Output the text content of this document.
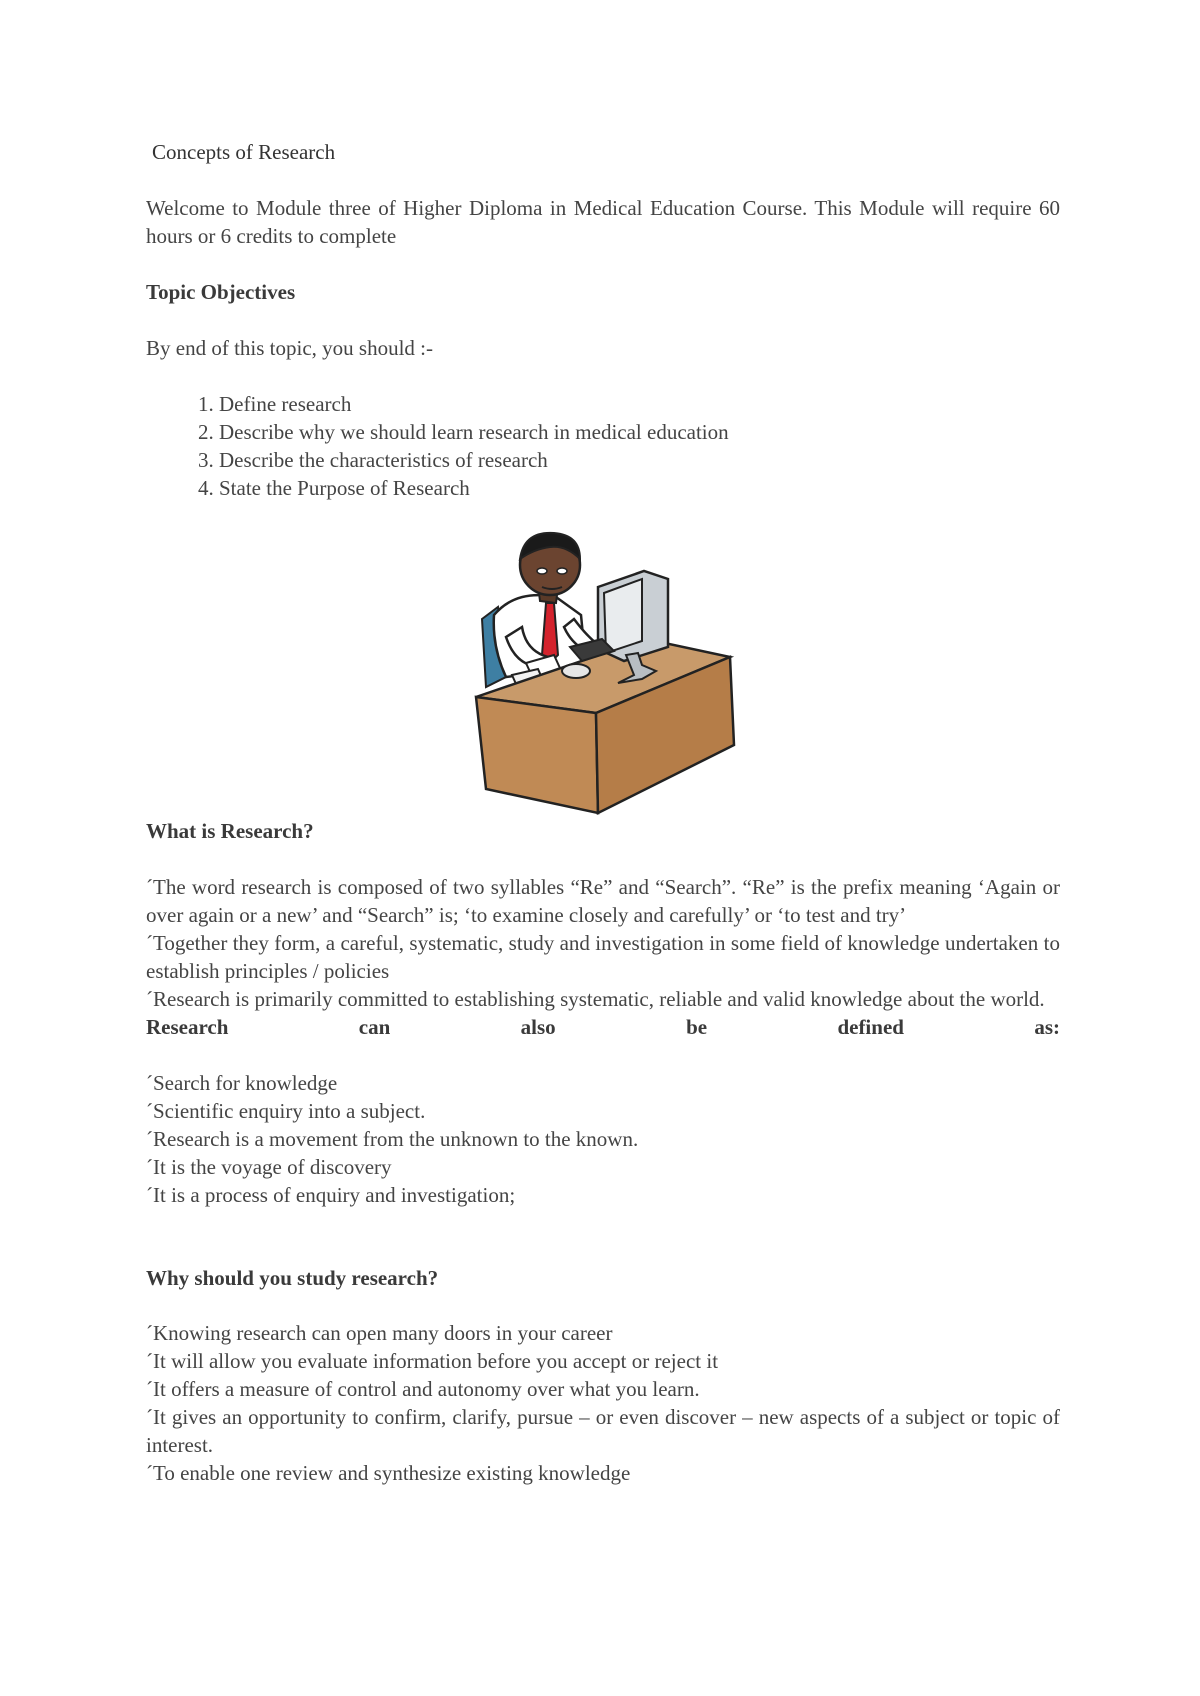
Concepts of Research

Welcome to Module three of Higher Diploma in Medical Education Course. This Module will require 60 hours or 6 credits to complete

Topic Objectives

By end of this topic, you should :-

1. Define research
2. Describe why we should learn research in medical education
3. Describe the characteristics of research
4. State the Purpose of Research

What is Research?

´The word research is composed of two syllables “Re” and “Search”. “Re” is the prefix meaning ‘Again or over again or a new’ and “Search” is; ‘to examine closely and carefully’ or ‘to test and try’

´Together they form, a careful, systematic, study and investigation in some field of knowledge undertaken to establish principles / policies

´Research is primarily committed to establishing systematic, reliable and valid knowledge about the world.

Research	can	also	be	defined	as:

´Search for knowledge

´Scientific enquiry into a subject.

´Research is a movement from the unknown to the known.

´It is the voyage of discovery

´It is a process of enquiry and investigation;

Why should you study research?

´Knowing research can open many doors in your career

´It will allow you evaluate information before you accept or reject it

´It offers a measure of control and autonomy over what you learn.

´It gives an opportunity to confirm, clarify, pursue – or even discover – new aspects of a subject or topic of interest.

´To enable one review and synthesize existing knowledge
